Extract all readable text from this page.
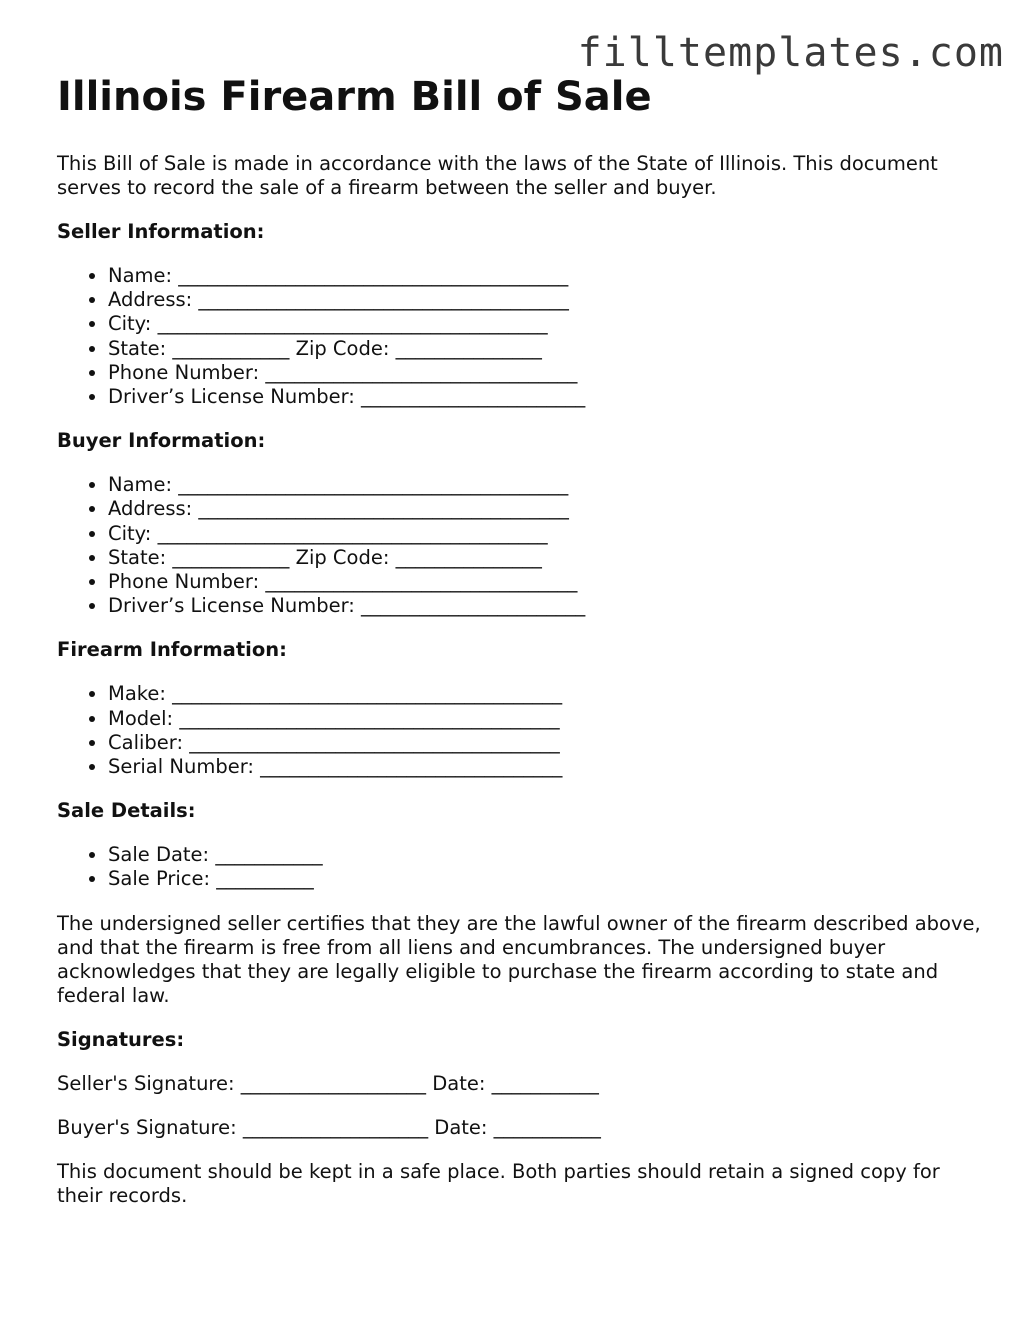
filltemplates.com
Illinois Firearm Bill of Sale

This Bill of Sale is made in accordance with the laws of the State of Illinois. This document serves to record the sale of a firearm between the seller and buyer.

Seller Information:
• Name: ________________________________________
• Address: ______________________________________
• City: ________________________________________
• State: ____________ Zip Code: _______________
• Phone Number: ________________________________
• Driver’s License Number: _______________________
Buyer Information:
• Name: ________________________________________
• Address: ______________________________________
• City: ________________________________________
• State: ____________ Zip Code: _______________
• Phone Number: ________________________________
• Driver’s License Number: _______________________
Firearm Information:
• Make: ________________________________________
• Model: _______________________________________
• Caliber: ______________________________________
• Serial Number: _______________________________
Sale Details:
• Sale Date: ___________
• Sale Price: __________

The undersigned seller certifies that they are the lawful owner of the firearm described above, and that the firearm is free from all liens and encumbrances. The undersigned buyer acknowledges that they are legally eligible to purchase the firearm according to state and federal law.

Signatures:

Seller's Signature: ___________________ Date: ___________

Buyer's Signature: ___________________ Date: ___________

This document should be kept in a safe place. Both parties should retain a signed copy for their records.
